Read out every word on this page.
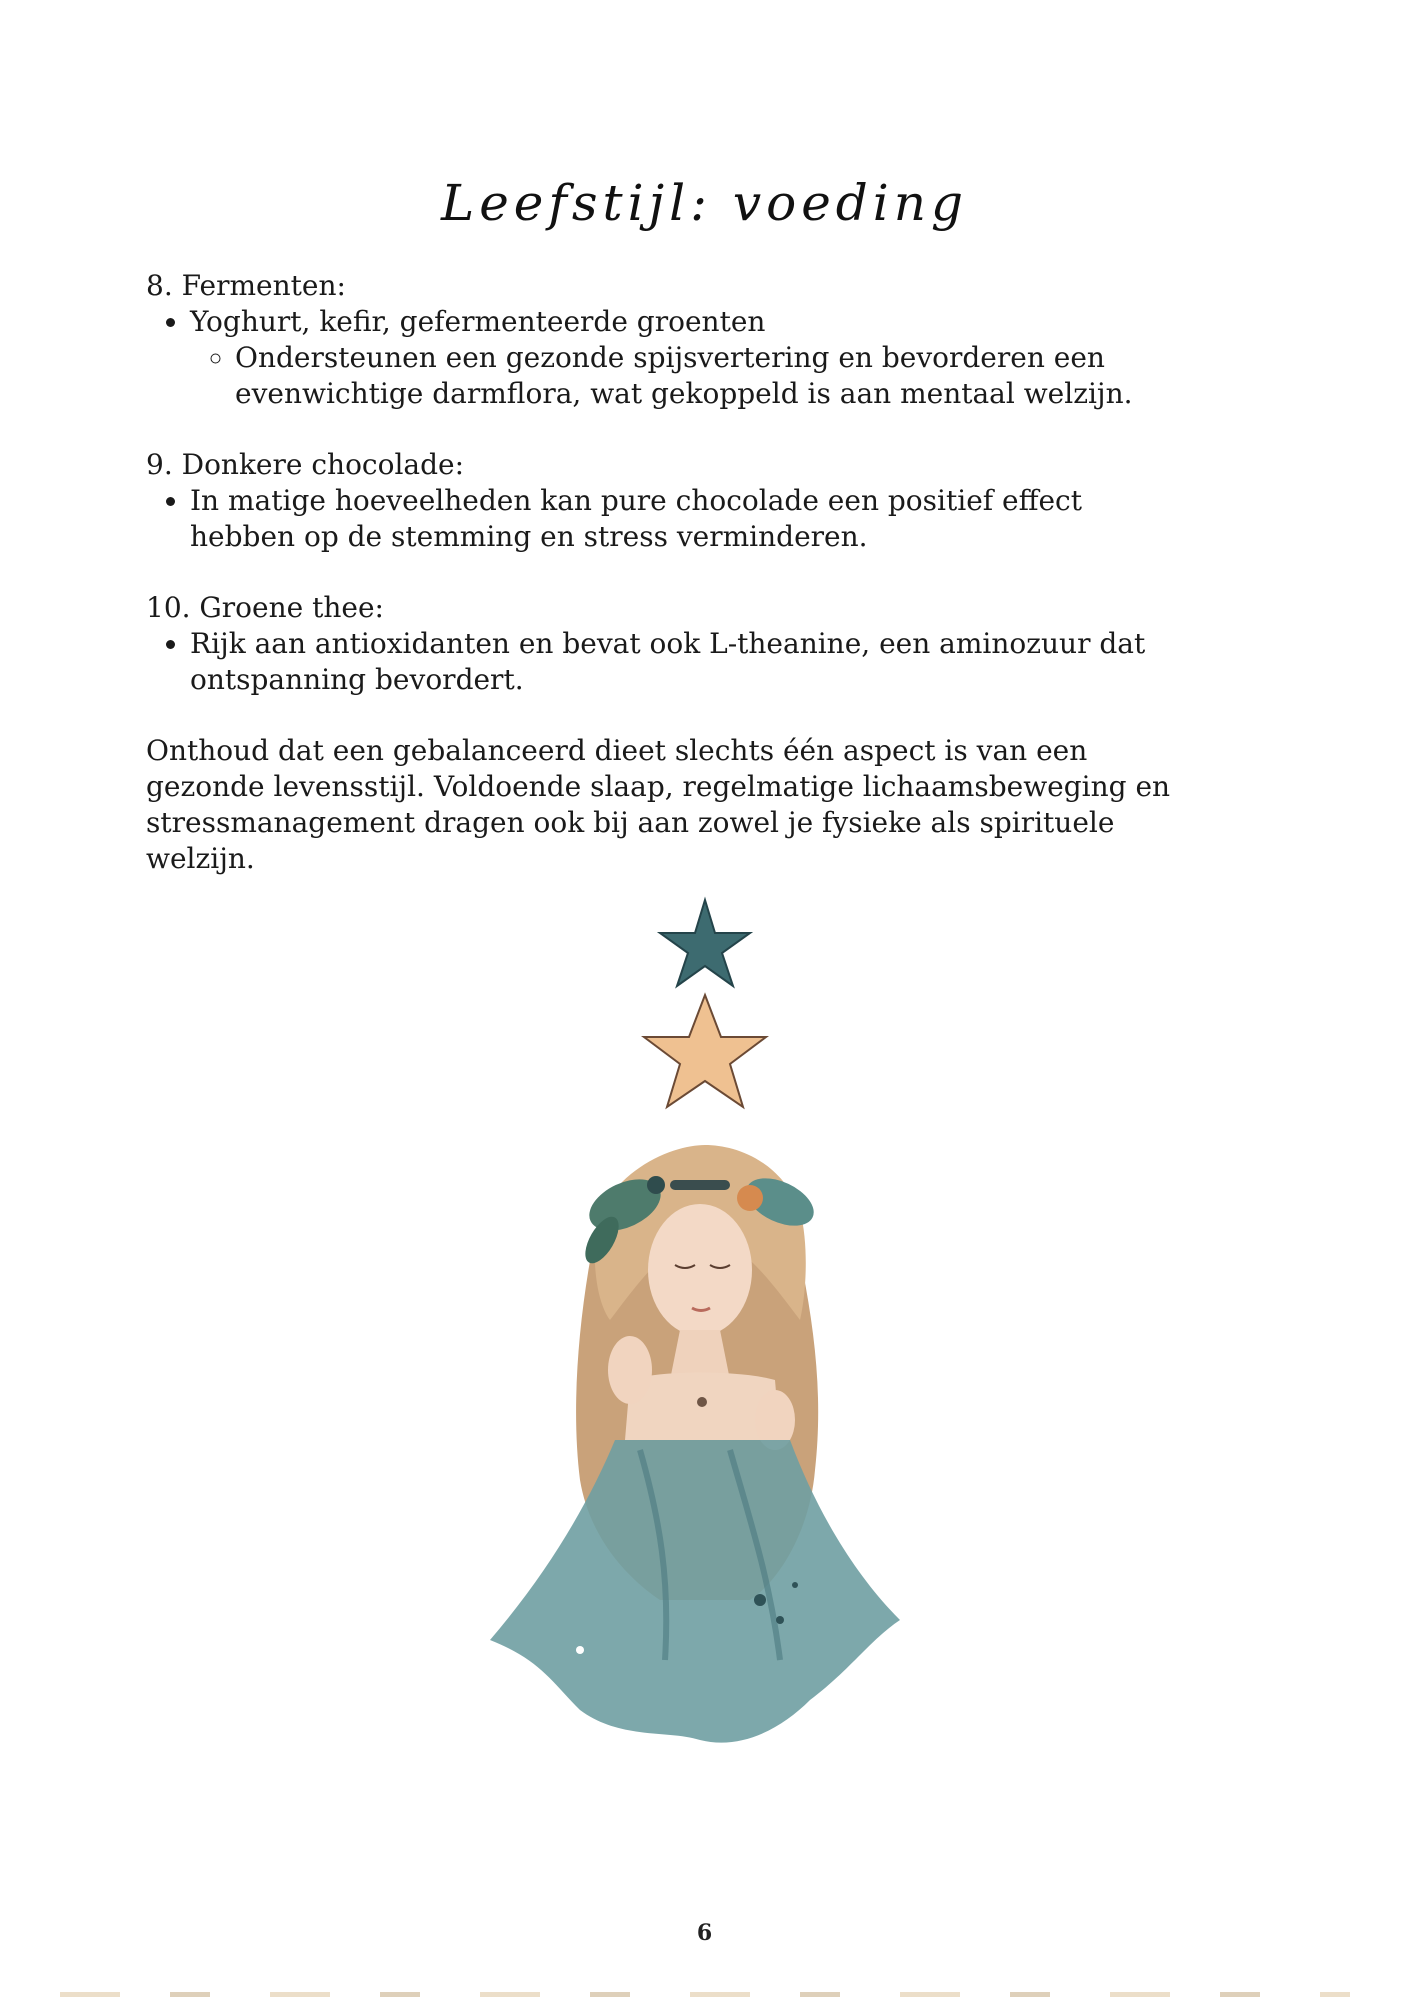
Leefstijl: voeding

8. Fermenten:

• Yoghurt, kefir, gefermenteerde groenten
◦ Ondersteunen een gezonde spijsvertering en bevorderen een evenwichtige darmflora, wat gekoppeld is aan mentaal welzijn.

9. Donkere chocolade:

• In matige hoeveelheden kan pure chocolade een positief effect hebben op de stemming en stress verminderen.

10. Groene thee:

• Rijk aan antioxidanten en bevat ook L-theanine, een aminozuur dat ontspanning bevordert.

Onthoud dat een gebalanceerd dieet slechts één aspect is van een gezonde levensstijl. Voldoende slaap, regelmatige lichaamsbeweging en stressmanagement dragen ook bij aan zowel je fysieke als spirituele welzijn.

6
